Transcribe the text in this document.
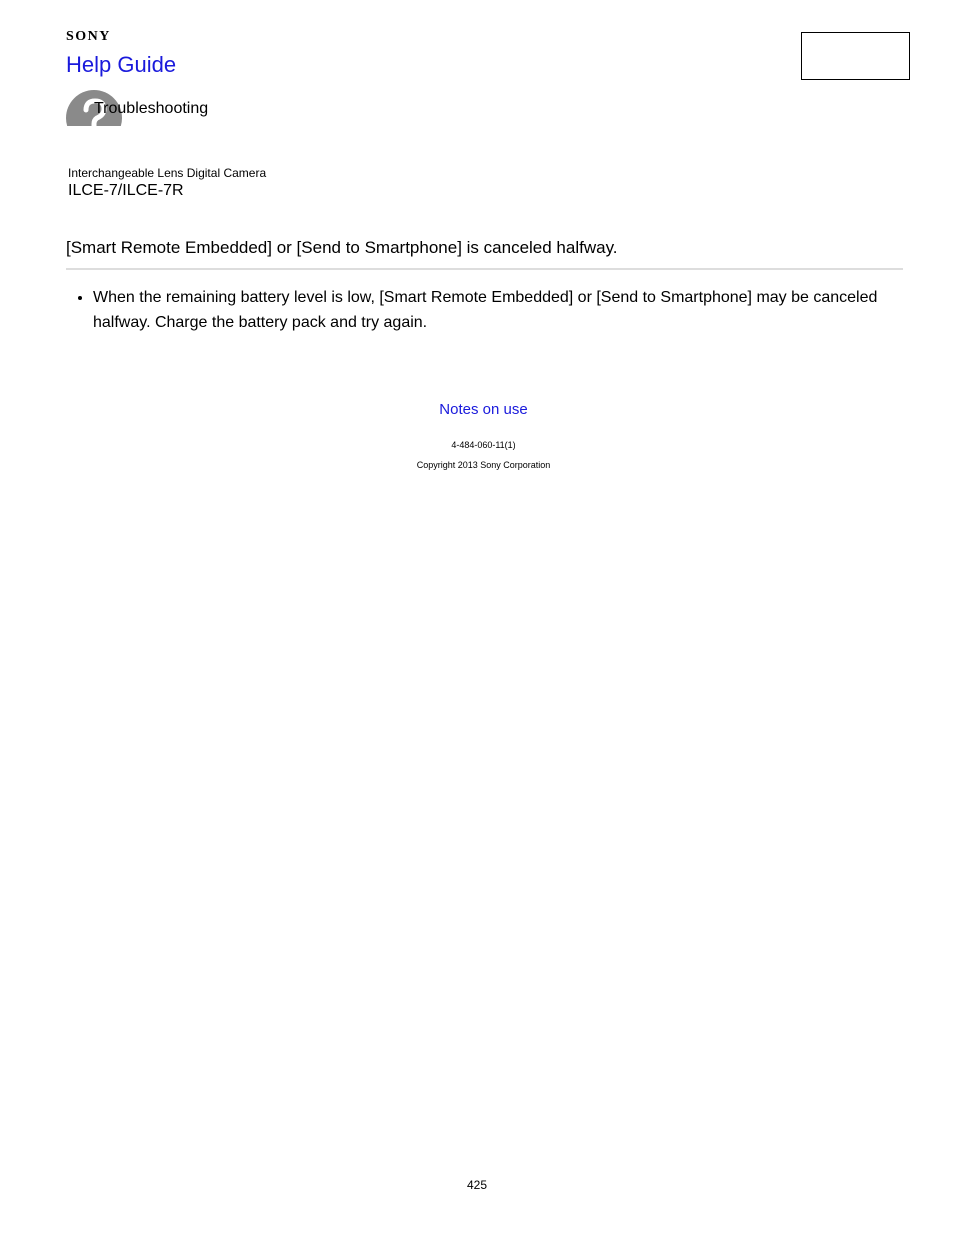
SONY
Help Guide
Troubleshooting
Interchangeable Lens Digital Camera
ILCE-7/ILCE-7R
[Smart Remote Embedded] or [Send to Smartphone] is canceled halfway.
• When the remaining battery level is low, [Smart Remote Embedded] or [Send to Smartphone] may be canceled halfway. Charge the battery pack and try again.
Notes on use
4-484-060-11(1)
Copyright 2013 Sony Corporation
425
